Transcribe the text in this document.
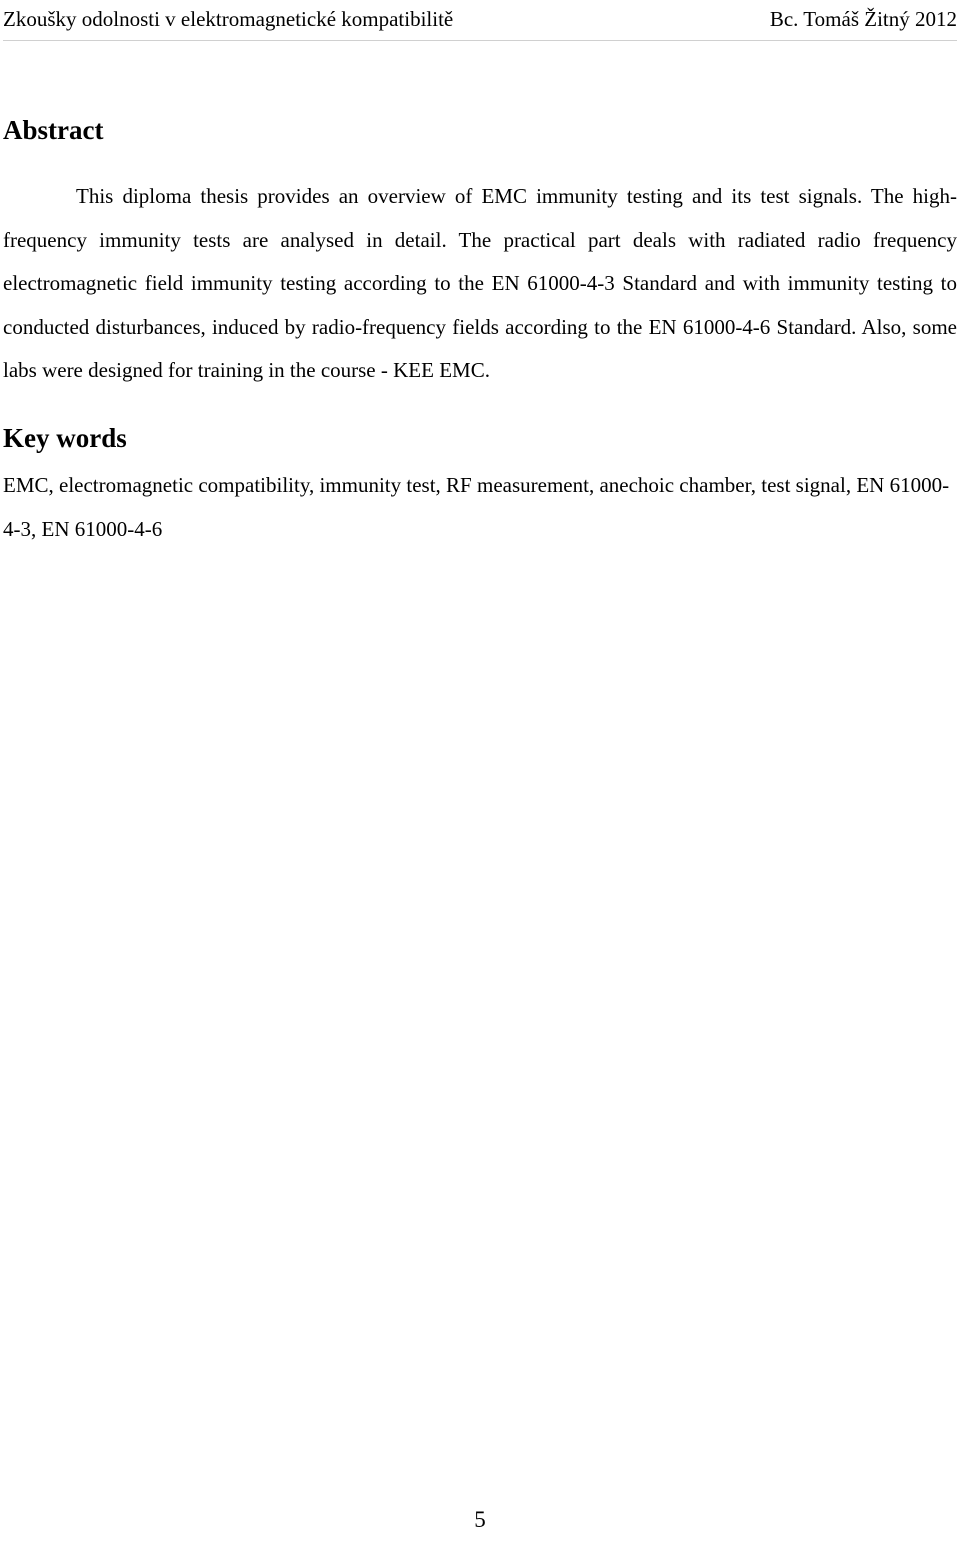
Zkoušky odolnosti v elektromagnetické kompatibilitě	Bc. Tomáš Žitný 2012
Abstract

This diploma thesis provides an overview of EMC immunity testing and its test signals. The high-frequency immunity tests are analysed in detail. The practical part deals with radiated radio frequency electromagnetic field immunity testing according to the EN 61000-4-3 Standard and with immunity testing to conducted disturbances, induced by radio-frequency fields according to the EN 61000-4-6 Standard. Also, some labs were designed for training in the course - KEE EMC.

Key words

EMC, electromagnetic compatibility, immunity test, RF measurement, anechoic chamber, test signal, EN 61000-4-3, EN 61000-4-6

5
